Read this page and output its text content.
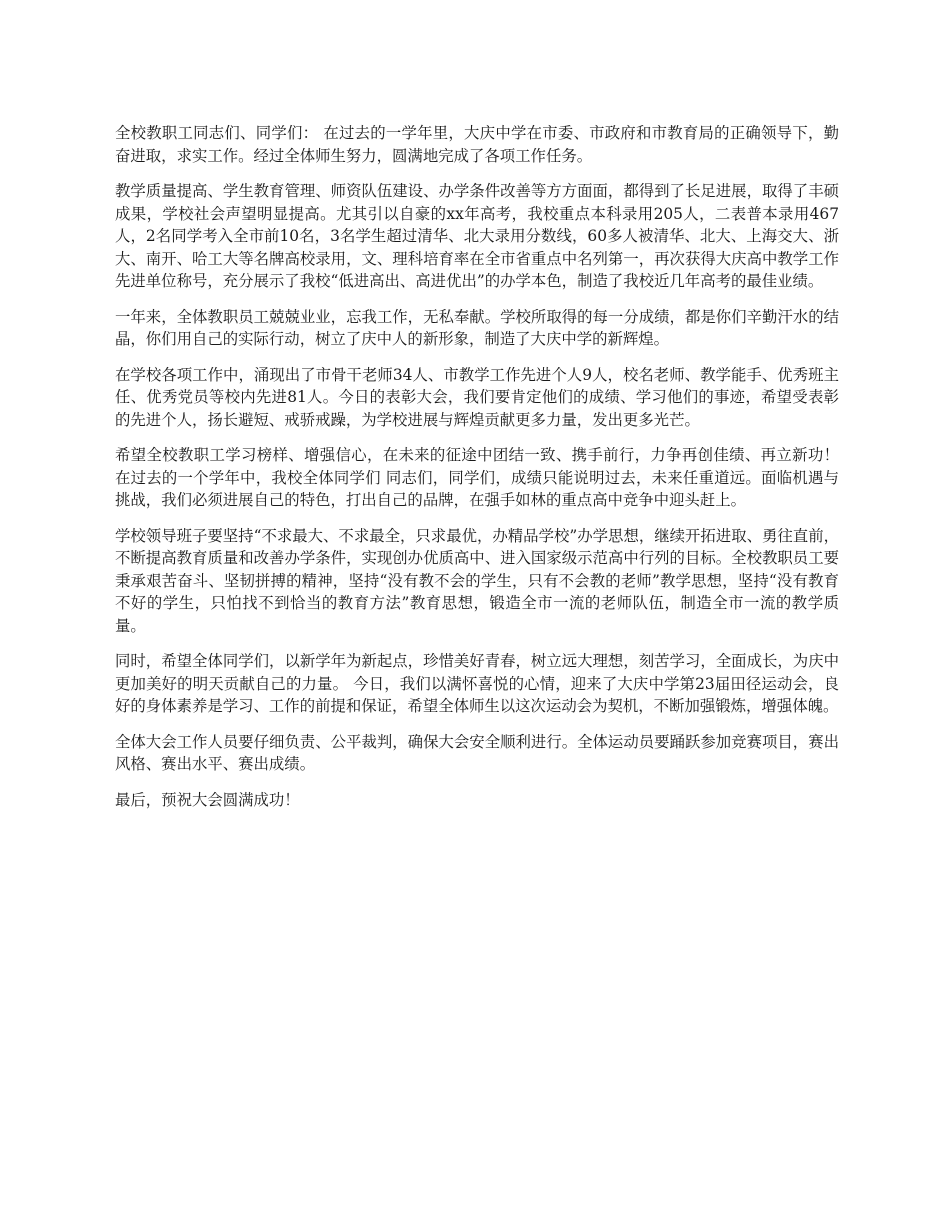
全校教职工同志们、同学们： 在过去的一学年里，大庆中学在市委、市政府和市教育局的正确领导下，勤奋进取，求实工作。经过全体师生努力，圆满地完成了各项工作任务。

教学质量提高、学生教育管理、师资队伍建设、办学条件改善等方方面面，都得到了长足进展，取得了丰硕成果，学校社会声望明显提高。尤其引以自豪的xx年高考，我校重点本科录用205人，二表普本录用467人，2名同学考入全市前10名，3名学生超过清华、北大录用分数线，60多人被清华、北大、上海交大、浙大、南开、哈工大等名牌高校录用，文、理科培育率在全市省重点中名列第一，再次获得大庆高中教学工作先进单位称号，充分展示了我校“低进高出、高进优出”的办学本色，制造了我校近几年高考的最佳业绩。

一年来，全体教职员工兢兢业业，忘我工作，无私奉献。学校所取得的每一分成绩，都是你们辛勤汗水的结晶，你们用自己的实际行动，树立了庆中人的新形象，制造了大庆中学的新辉煌。

在学校各项工作中，涌现出了市骨干老师34人、市教学工作先进个人9人，校名老师、教学能手、优秀班主任、优秀党员等校内先进81人。今日的表彰大会，我们要肯定他们的成绩、学习他们的事迹，希望受表彰的先进个人，扬长避短、戒骄戒躁，为学校进展与辉煌贡献更多力量，发出更多光芒。

希望全校教职工学习榜样、增强信心，在未来的征途中团结一致、携手前行，力争再创佳绩、再立新功！ 在过去的一个学年中，我校全体同学们 同志们，同学们，成绩只能说明过去，未来任重道远。面临机遇与挑战，我们必须进展自己的特色，打出自己的品牌，在强手如林的重点高中竞争中迎头赶上。

学校领导班子要坚持“不求最大、不求最全，只求最优，办精品学校”办学思想，继续开拓进取、勇往直前，不断提高教育质量和改善办学条件，实现创办优质高中、进入国家级示范高中行列的目标。全校教职员工要秉承艰苦奋斗、坚韧拼搏的精神，坚持“没有教不会的学生，只有不会教的老师”教学思想，坚持“没有教育不好的学生，只怕找不到恰当的教育方法”教育思想，锻造全市一流的老师队伍，制造全市一流的教学质量。

同时，希望全体同学们，以新学年为新起点，珍惜美好青春，树立远大理想，刻苦学习，全面成长，为庆中更加美好的明天贡献自己的力量。 今日，我们以满怀喜悦的心情，迎来了大庆中学第23届田径运动会，良好的身体素养是学习、工作的前提和保证，希望全体师生以这次运动会为契机，不断加强锻炼，增强体魄。

全体大会工作人员要仔细负责、公平裁判，确保大会安全顺利进行。全体运动员要踊跃参加竞赛项目，赛出风格、赛出水平、赛出成绩。

最后，预祝大会圆满成功！
